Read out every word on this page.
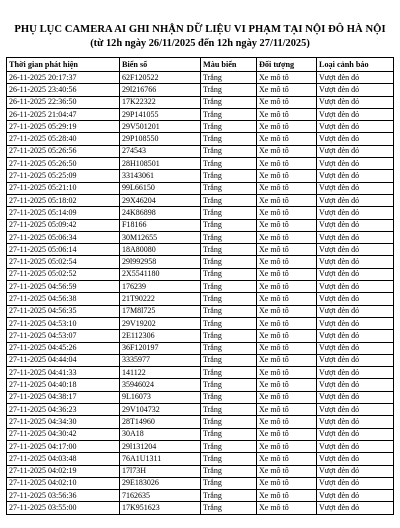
PHỤ LỤC CAMERA AI GHI NHẬN DỮ LIỆU VI PHẠM TẠI NỘI ĐÔ HÀ NỘI
(từ 12h ngày 26/11/2025 đến 12h ngày 27/11/2025)
Thời gian phát hiện	Biển số	Màu biển	Đối tượng	Loại cảnh báo
26-11-2025 20:17:37	62F120522	Trắng	Xe mô tô	Vượt đèn đỏ
26-11-2025 23:40:56	29l216766	Trắng	Xe mô tô	Vượt đèn đỏ
26-11-2025 22:36:50	17K22322	Trắng	Xe mô tô	Vượt đèn đỏ
26-11-2025 21:04:47	29P141055	Trắng	Xe mô tô	Vượt đèn đỏ
27-11-2025 05:29:19	29V501201	Trắng	Xe mô tô	Vượt đèn đỏ
27-11-2025 05:28:40	29P108550	Trắng	Xe mô tô	Vượt đèn đỏ
27-11-2025 05:26:56	274543	Trắng	Xe mô tô	Vượt đèn đỏ
27-11-2025 05:26:50	28H108501	Trắng	Xe mô tô	Vượt đèn đỏ
27-11-2025 05:25:09	33143061	Trắng	Xe mô tô	Vượt đèn đỏ
27-11-2025 05:21:10	99L66150	Trắng	Xe mô tô	Vượt đèn đỏ
27-11-2025 05:18:02	29X46204	Trắng	Xe mô tô	Vượt đèn đỏ
27-11-2025 05:14:09	24K86898	Trắng	Xe mô tô	Vượt đèn đỏ
27-11-2025 05:09:42	F18166	Trắng	Xe mô tô	Vượt đèn đỏ
27-11-2025 05:06:34	30M12655	Trắng	Xe mô tô	Vượt đèn đỏ
27-11-2025 05:06:14	18A80080	Trắng	Xe mô tô	Vượt đèn đỏ
27-11-2025 05:02:54	29l992958	Trắng	Xe mô tô	Vượt đèn đỏ
27-11-2025 05:02:52	2X5541180	Trắng	Xe mô tô	Vượt đèn đỏ
27-11-2025 04:56:59	176239	Trắng	Xe mô tô	Vượt đèn đỏ
27-11-2025 04:56:38	21T90222	Trắng	Xe mô tô	Vượt đèn đỏ
27-11-2025 04:56:35	17M8l725	Trắng	Xe mô tô	Vượt đèn đỏ
27-11-2025 04:53:10	29V19202	Trắng	Xe mô tô	Vượt đèn đỏ
27-11-2025 04:53:07	2E112306	Trắng	Xe mô tô	Vượt đèn đỏ
27-11-2025 04:45:26	36F120197	Trắng	Xe mô tô	Vượt đèn đỏ
27-11-2025 04:44:04	3335977	Trắng	Xe mô tô	Vượt đèn đỏ
27-11-2025 04:41:33	141122	Trắng	Xe mô tô	Vượt đèn đỏ
27-11-2025 04:40:18	35946024	Trắng	Xe mô tô	Vượt đèn đỏ
27-11-2025 04:38:17	9L16073	Trắng	Xe mô tô	Vượt đèn đỏ
27-11-2025 04:36:23	29V104732	Trắng	Xe mô tô	Vượt đèn đỏ
27-11-2025 04:34:30	28T14960	Trắng	Xe mô tô	Vượt đèn đỏ
27-11-2025 04:30:42	30A18	Trắng	Xe mô tô	Vượt đèn đỏ
27-11-2025 04:17:00	29l131204	Trắng	Xe mô tô	Vượt đèn đỏ
27-11-2025 04:03:48	76A1U1311	Trắng	Xe mô tô	Vượt đèn đỏ
27-11-2025 04:02:19	17l73H	Trắng	Xe mô tô	Vượt đèn đỏ
27-11-2025 04:02:10	29E183026	Trắng	Xe mô tô	Vượt đèn đỏ
27-11-2025 03:56:36	7162635	Trắng	Xe mô tô	Vượt đèn đỏ
27-11-2025 03:55:00	17K951623	Trắng	Xe mô tô	Vượt đèn đỏ
